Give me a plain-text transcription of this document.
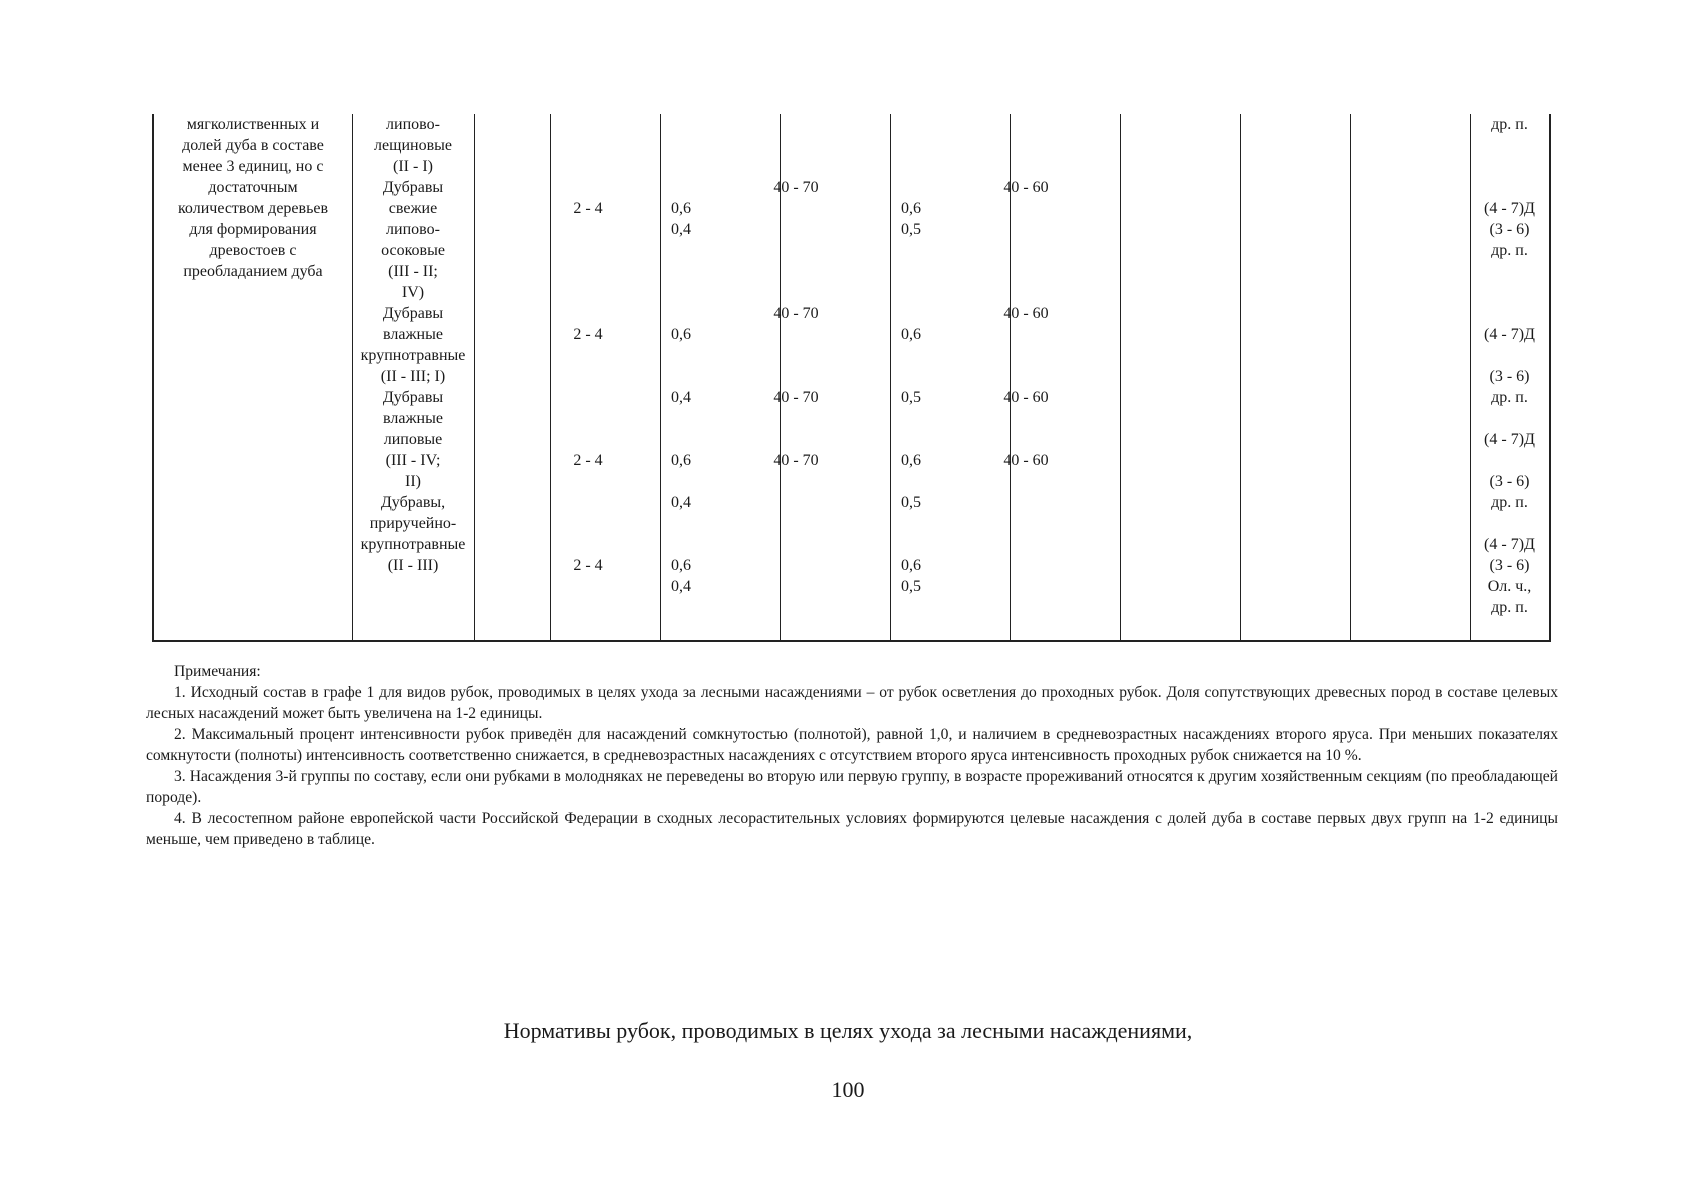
мягколиственных и
долей дуба в составе
менее 3 единиц, но с
достаточным
количеством деревьев
для формирования
древостоев с
преобладанием дуба
липово-
лещиновые
(II - I)
Дубравы
свежие
липово-
осоковые
(III - II;
IV)
Дубравы
влажные
крупнотравные
(II - III; I)
Дубравы
влажные
липовые
(III - IV;
II)
Дубравы,
приручейно-
крупнотравные
(II - III)
2 - 4
2 - 4
2 - 4
2 - 4
0,6
0,4
0,6
0,4
0,6
0,4
0,6
0,4
40 - 70
40 - 70
40 - 70
40 - 70
0,6
0,5
0,6
0,5
0,6
0,5
0,6
0,5
40 - 60
40 - 60
40 - 60
40 - 60
др. п.

(4 - 7)Д
(3 - 6)
др. п.

(4 - 7)Д

(3 - 6)
др. п.

(4 - 7)Д

(3 - 6)
др. п.

(4 - 7)Д
(3 - 6)
Ол. ч.,
др. п.

Примечания:

1. Исходный состав в графе 1 для видов рубок, проводимых в целях ухода за лесными насаждениями – от рубок осветления до проходных рубок. Доля сопутствующих древесных пород в составе целевых лесных насаждений может быть увеличена на 1-2 единицы.

2. Максимальный процент интенсивности рубок приведён для насаждений сомкнутостью (полнотой), равной 1,0, и наличием в средневозрастных насаждениях второго яруса. При меньших показателях сомкнутости (полноты) интенсивность соответственно снижается, в средневозрастных насаждениях с отсутствием второго яруса интенсивность проходных рубок снижается на 10 %.

3. Насаждения 3-й группы по составу, если они рубками в молодняках не переведены во вторую или первую группу, в возрасте прореживаний относятся к другим хозяйственным секциям (по преобладающей породе).

4. В лесостепном районе европейской части Российской Федерации в сходных лесорастительных условиях формируются целевые насаждения с долей дуба в составе первых двух групп на 1-2 единицы меньше, чем приведено в таблице.

Нормативы рубок, проводимых в целях ухода за лесными насаждениями,
100
